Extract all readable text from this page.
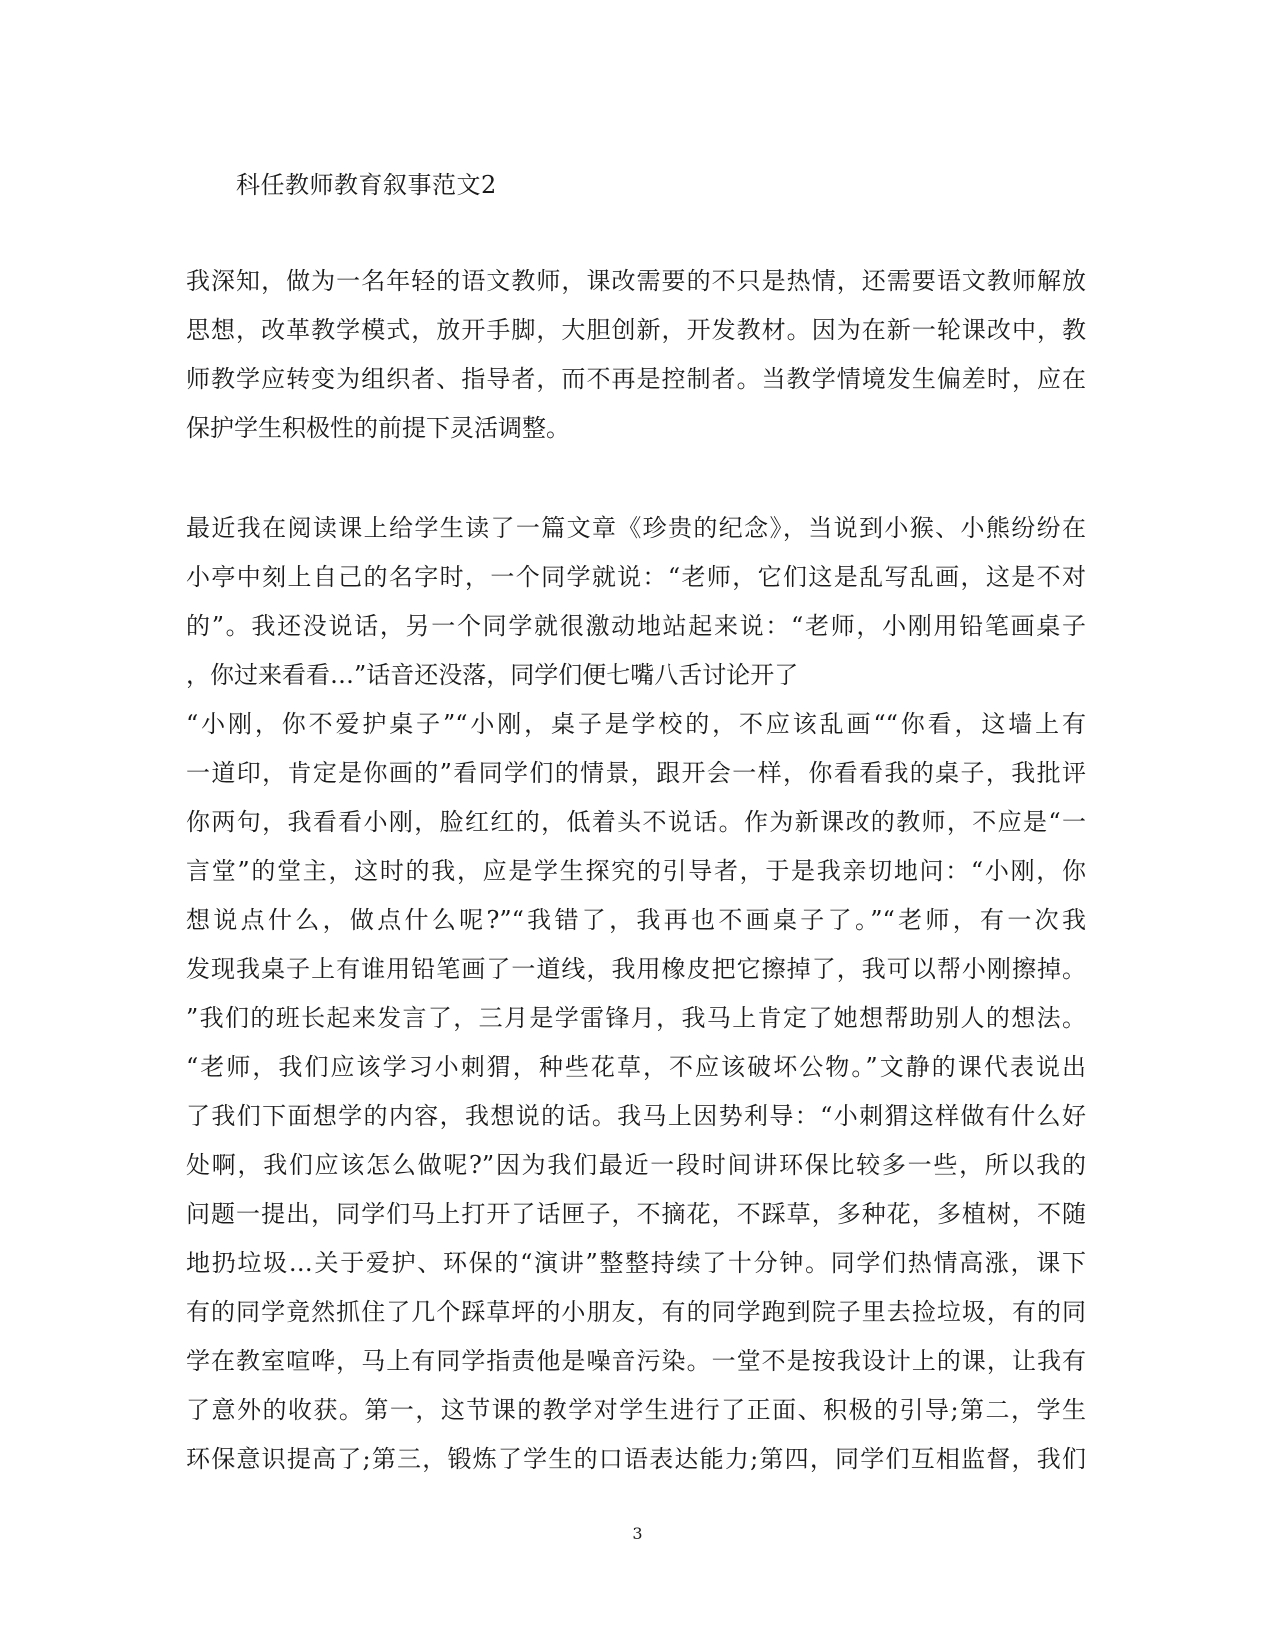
科任教师教育叙事范文2
我深知，做为一名年轻的语文教师，课改需要的不只是热情，还需要语文教师解放
思想，改革教学模式，放开手脚，大胆创新，开发教材。因为在新一轮课改中，教
师教学应转变为组织者、指导者，而不再是控制者。当教学情境发生偏差时，应在
保护学生积极性的前提下灵活调整。
最近我在阅读课上给学生读了一篇文章《珍贵的纪念》，当说到小猴、小熊纷纷在
小亭中刻上自己的名字时，一个同学就说：“老师，它们这是乱写乱画，这是不对
的”。我还没说话，另一个同学就很激动地站起来说：“老师，小刚用铅笔画桌子
，你过来看看…”话音还没落，同学们便七嘴八舌讨论开了
“小刚，你不爱护桌子”“小刚，桌子是学校的，不应该乱画““你看，这墙上有
一道印，肯定是你画的”看同学们的情景，跟开会一样，你看看我的桌子，我批评
你两句，我看看小刚，脸红红的，低着头不说话。作为新课改的教师，不应是“一
言堂”的堂主，这时的我，应是学生探究的引导者，于是我亲切地问：“小刚，你
想说点什么，做点什么呢?”“我错了，我再也不画桌子了。”“老师，有一次我
发现我桌子上有谁用铅笔画了一道线，我用橡皮把它擦掉了，我可以帮小刚擦掉。
”我们的班长起来发言了，三月是学雷锋月，我马上肯定了她想帮助别人的想法。
“老师，我们应该学习小刺猬，种些花草，不应该破坏公物。”文静的课代表说出
了我们下面想学的内容，我想说的话。我马上因势利导：“小刺猬这样做有什么好
处啊，我们应该怎么做呢?”因为我们最近一段时间讲环保比较多一些，所以我的
问题一提出，同学们马上打开了话匣子，不摘花，不踩草，多种花，多植树，不随
地扔垃圾…关于爱护、环保的“演讲”整整持续了十分钟。同学们热情高涨，课下
有的同学竟然抓住了几个踩草坪的小朋友，有的同学跑到院子里去捡垃圾，有的同
学在教室喧哗，马上有同学指责他是噪音污染。一堂不是按我设计上的课，让我有
了意外的收获。第一，这节课的教学对学生进行了正面、积极的引导;第二，学生
环保意识提高了;第三，锻炼了学生的口语表达能力;第四，同学们互相监督，我们
3
